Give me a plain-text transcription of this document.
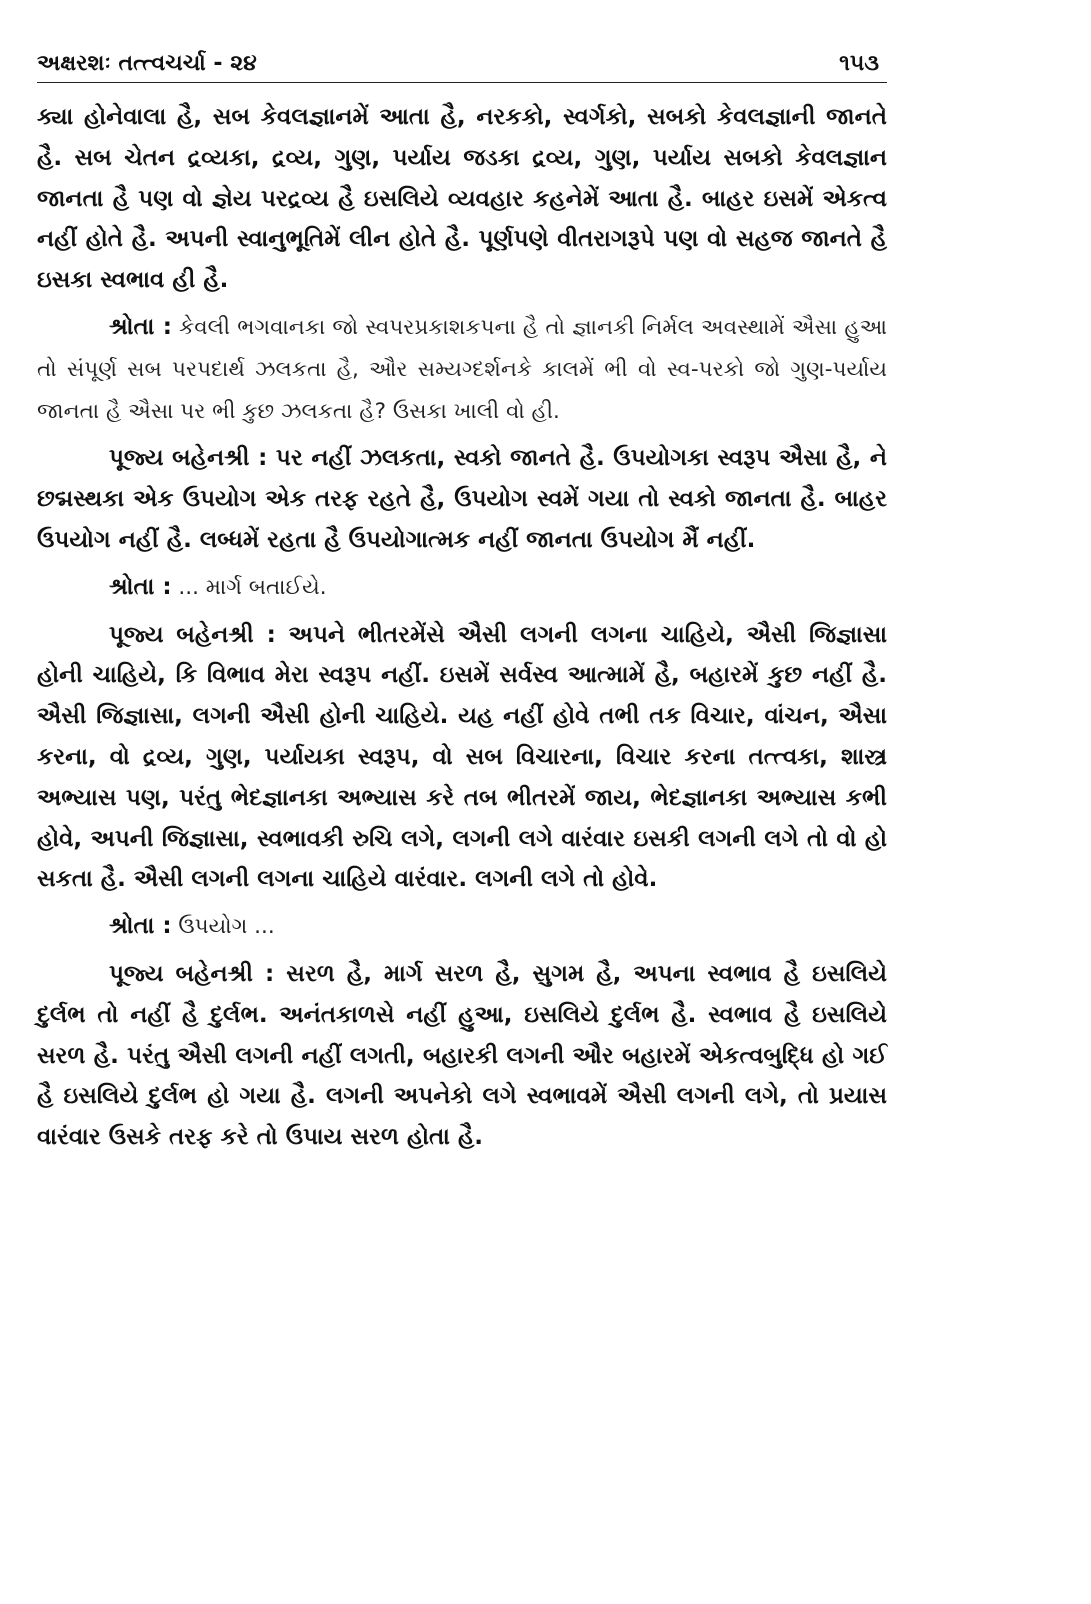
અક્ષરશઃ તત્ત્વચર્ચા - ૨૪	૧૫૩

ક્યા હોનેવાલા હૈ, સબ કેવલજ્ઞાનમેં આતા હૈ, નરકકો, સ્વર્ગકો, સબકો કેવલજ્ઞાની જાનતે હૈ. સબ ચેતન દ્રવ્યકા, દ્રવ્ય, ગુણ, પર્યાય જડકા દ્રવ્ય, ગુણ, પર્યાય સબકો કેવલજ્ઞાન જાનતા હૈ પણ વો જ્ઞેય પરદ્રવ્ય હૈ ઇસલિયે વ્યવહાર કહનેમેં આતા હૈ. બાહર ઇસમેં એકત્વ નહીં હોતે હૈ. અપની સ્વાનુભૂતિમેં લીન હોતે હૈ. પૂર્ણપણે વીતરાગરૂપે પણ વો સહજ જાનતે હૈ ઇસકા સ્વભાવ હી હૈ.

શ્રોતા : કેવલી ભગવાનકા જો સ્વપરપ્રકાશકપના હૈ તો જ્ઞાનકી નિર્મલ અવસ્થામેં ઐસા હુઆ તો સંપૂર્ણ સબ પરપદાર્થ ઝલકતા હૈ, ઔર સમ્યગ્દર્શનકે કાલમેં ભી વો સ્વ-પરકો જો ગુણ-પર્યાય જાનતા હૈ ઐસા પર ભી કુછ ઝલકતા હૈ? ઉસકા ખાલી વો હી.

પૂજ્ય બહેનશ્રી : પર નહીં ઝલકતા, સ્વકો જાનતે હૈ. ઉપયોગકા સ્વરૂપ ઐસા હૈ, ને છદ્મસ્થકા એક ઉપયોગ એક તરફ રહતે હૈ, ઉપયોગ સ્વમેં ગયા તો સ્વકો જાનતા હૈ. બાહર ઉપયોગ નહીં હૈ. લબ્ધમેં રહતા હૈ ઉપયોગાત્મક નહીં જાનતા ઉપયોગ મૈં નહીં.

શ્રોતા : ... માર્ગ બતાઈયે.

પૂજ્ય બહેનશ્રી : અપને ભીતરમેંસે ઐસી લગની લગના ચાહિયે, ઐસી જિજ્ઞાસા હોની ચાહિયે, કિ વિભાવ મેરા સ્વરૂપ નહીં. ઇસમેં સર્વસ્વ આત્મામેં હૈ, બહારમેં કુછ નહીં હૈ. ઐસી જિજ્ઞાસા, લગની ઐસી હોની ચાહિયે. યહ નહીં હોવે તભી તક વિચાર, વાંચન, ઐસા કરના, વો દ્રવ્ય, ગુણ, પર્યાયકા સ્વરૂપ, વો સબ વિચારના, વિચાર કરના તત્ત્વકા, શાસ્ત્ર અભ્યાસ પણ, પરંતુ ભેદજ્ઞાનકા અભ્યાસ કરે તબ ભીતરમેં જાય, ભેદજ્ઞાનકા અભ્યાસ કભી હોવે, અપની જિજ્ઞાસા, સ્વભાવકી રુચિ લગે, લગની લગે વારંવાર ઇસકી લગની લગે તો વો હો સકતા હૈ. ઐસી લગની લગના ચાહિયે વારંવાર. લગની લગે તો હોવે.

શ્રોતા : ઉપયોગ ...

પૂજ્ય બહેનશ્રી : સરળ હૈ, માર્ગ સરળ હૈ, સુગમ હૈ, અપના સ્વભાવ હૈ ઇસલિયે દુર્લભ તો નહીં હૈ દુર્લભ. અનંતકાળસે નહીં હુઆ, ઇસલિયે દુર્લભ હૈ. સ્વભાવ હૈ ઇસલિયે સરળ હૈ. પરંતુ ઐસી લગની નહીં લગતી, બહારકી લગની ઔર બહારમેં એકત્વબુદ્ધિ હો ગઈ હૈ ઇસલિયે દુર્લભ હો ગયા હૈ. લગની અપનેકો લગે સ્વભાવમેં ઐસી લગની લગે, તો પ્રયાસ વારંવાર ઉસકે તરફ કરે તો ઉપાય સરળ હોતા હૈ.
